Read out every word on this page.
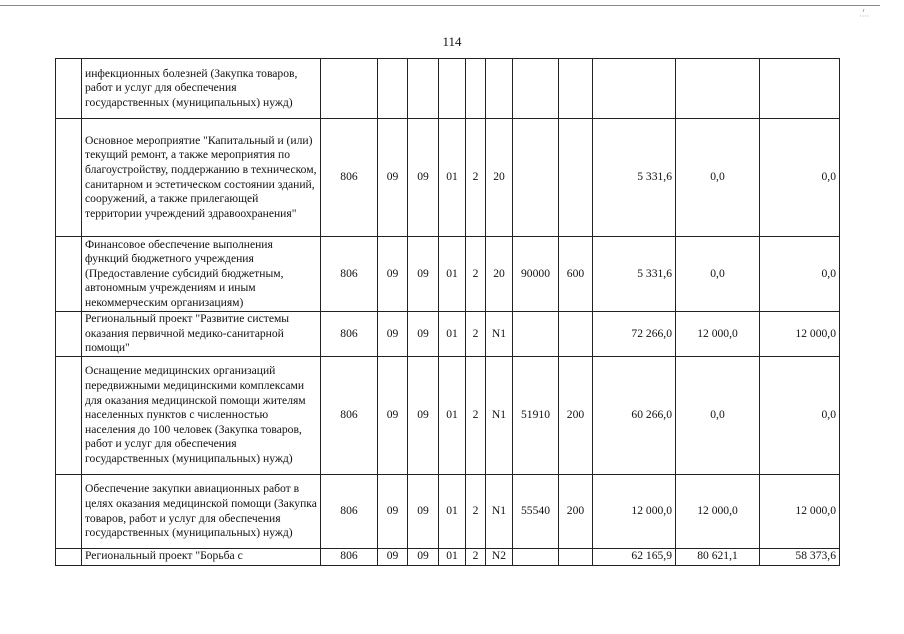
114
	инфекционных болезней (Закупка товаров, работ и услуг для обеспечения государственных (муниципальных) нужд)											
	Основное мероприятие "Капитальный и (или) текущий ремонт, а также мероприятия по благоустройству, поддержанию в техническом, санитарном и эстетическом состоянии зданий, сооружений, а также прилегающей территории учреждений здравоохранения"	806	09	09	01	2	20			5 331,6	0,0	0,0
	Финансовое обеспечение выполнения функций бюджетного учреждения (Предоставление субсидий бюджетным, автономным учреждениям и иным некоммерческим организациям)	806	09	09	01	2	20	90000	600	5 331,6	0,0	0,0
	Региональный проект "Развитие системы оказания первичной медико-санитарной помощи"	806	09	09	01	2	N1			72 266,0	12 000,0	12 000,0
	Оснащение медицинских организаций передвижными медицинскими комплексами для оказания медицинской помощи жителям населенных пунктов с численностью населения до 100 человек (Закупка товаров, работ и услуг для обеспечения государственных (муниципальных) нужд)	806	09	09	01	2	N1	51910	200	60 266,0	0,0	0,0
	Обеспечение закупки авиационных работ в целях оказания медицинской помощи (Закупка товаров, работ и услуг для обеспечения государственных (муниципальных) нужд)	806	09	09	01	2	N1	55540	200	12 000,0	12 000,0	12 000,0
	Региональный проект "Борьба с	806	09	09	01	2	N2			62 165,9	80 621,1	58 373,6
